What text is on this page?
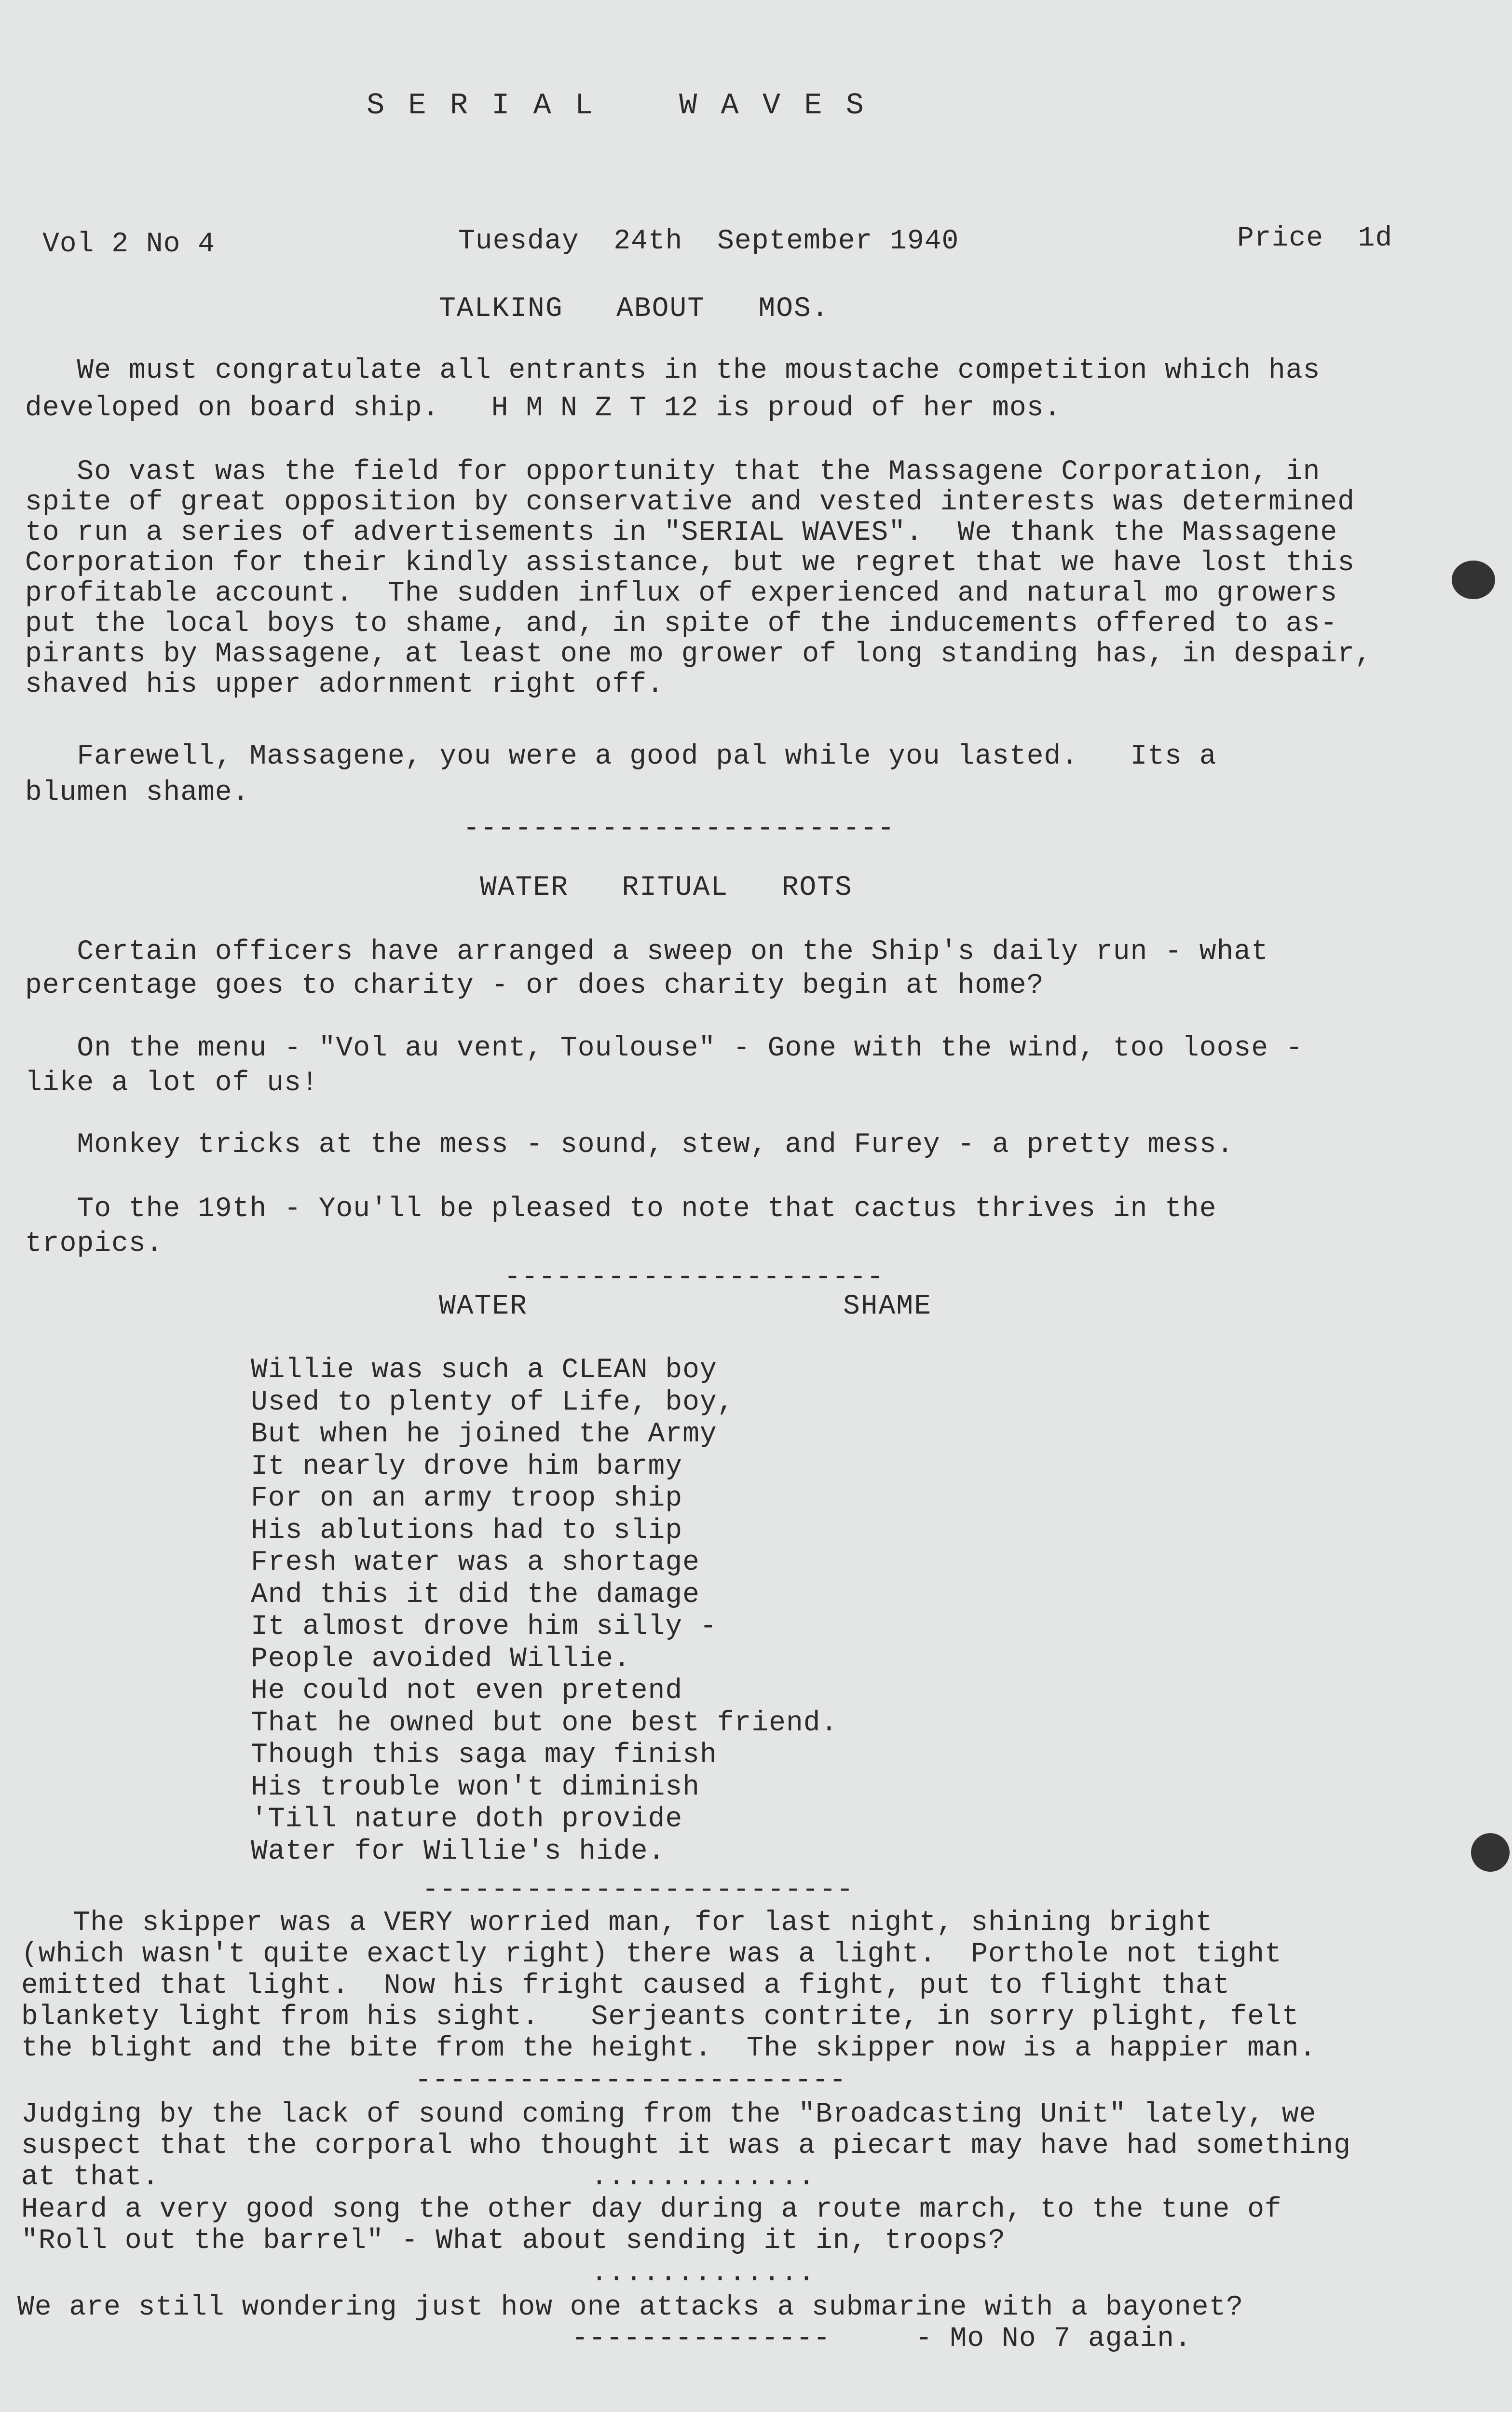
S E R I A L    W A V E S

Vol 2 No 4	Tuesday  24th  September 1940	Price  1d

TALKING   ABOUT   MOS.

We must congratulate all entrants in the moustache competition which has

developed on board ship.   H M N Z T 12 is proud of her mos.

So vast was the field for opportunity that the Massagene Corporation, in

spite of great opposition by conservative and vested interests was determined

to run a series of advertisements in "SERIAL WAVES".  We thank the Massagene

Corporation for their kindly assistance, but we regret that we have lost this

profitable account.  The sudden influx of experienced and natural mo growers

put the local boys to shame, and, in spite of the inducements offered to as-

pirants by Massagene, at least one mo grower of long standing has, in despair,

shaved his upper adornment right off.

Farewell, Massagene, you were a good pal while you lasted.   Its a

blumen shame.

-------------------------

WATER   RITUAL   ROTS

Certain officers have arranged a sweep on the Ship's daily run - what

percentage goes to charity - or does charity begin at home?

On the menu - "Vol au vent, Toulouse" - Gone with the wind, too loose -

like a lot of us!

Monkey tricks at the mess - sound, stew, and Furey - a pretty mess.

To the 19th - You'll be pleased to note that cactus thrives in the

tropics.

----------------------

WATER	SHAME

Willie was such a CLEAN boy

Used to plenty of Life, boy,

But when he joined the Army

It nearly drove him barmy

For on an army troop ship

His ablutions had to slip

Fresh water was a shortage

And this it did the damage

It almost drove him silly -

People avoided Willie.

He could not even pretend

That he owned but one best friend.

Though this saga may finish

His trouble won't diminish

'Till nature doth provide

Water for Willie's hide.

-------------------------

The skipper was a VERY worried man, for last night, shining bright

(which wasn't quite exactly right) there was a light.  Porthole not tight

emitted that light.  Now his fright caused a fight, put to flight that

blankety light from his sight.   Serjeants contrite, in sorry plight, felt

the blight and the bite from the height.  The skipper now is a happier man.

-------------------------

Judging by the lack of sound coming from the "Broadcasting Unit" lately, we

suspect that the corporal who thought it was a piecart may have had something

at that.	.............

Heard a very good song the other day during a route march, to the tune of

"Roll out the barrel" - What about sending it in, troops?

.............

We are still wondering just how one attacks a submarine with a bayonet?

---------------	- Mo No 7 again.
